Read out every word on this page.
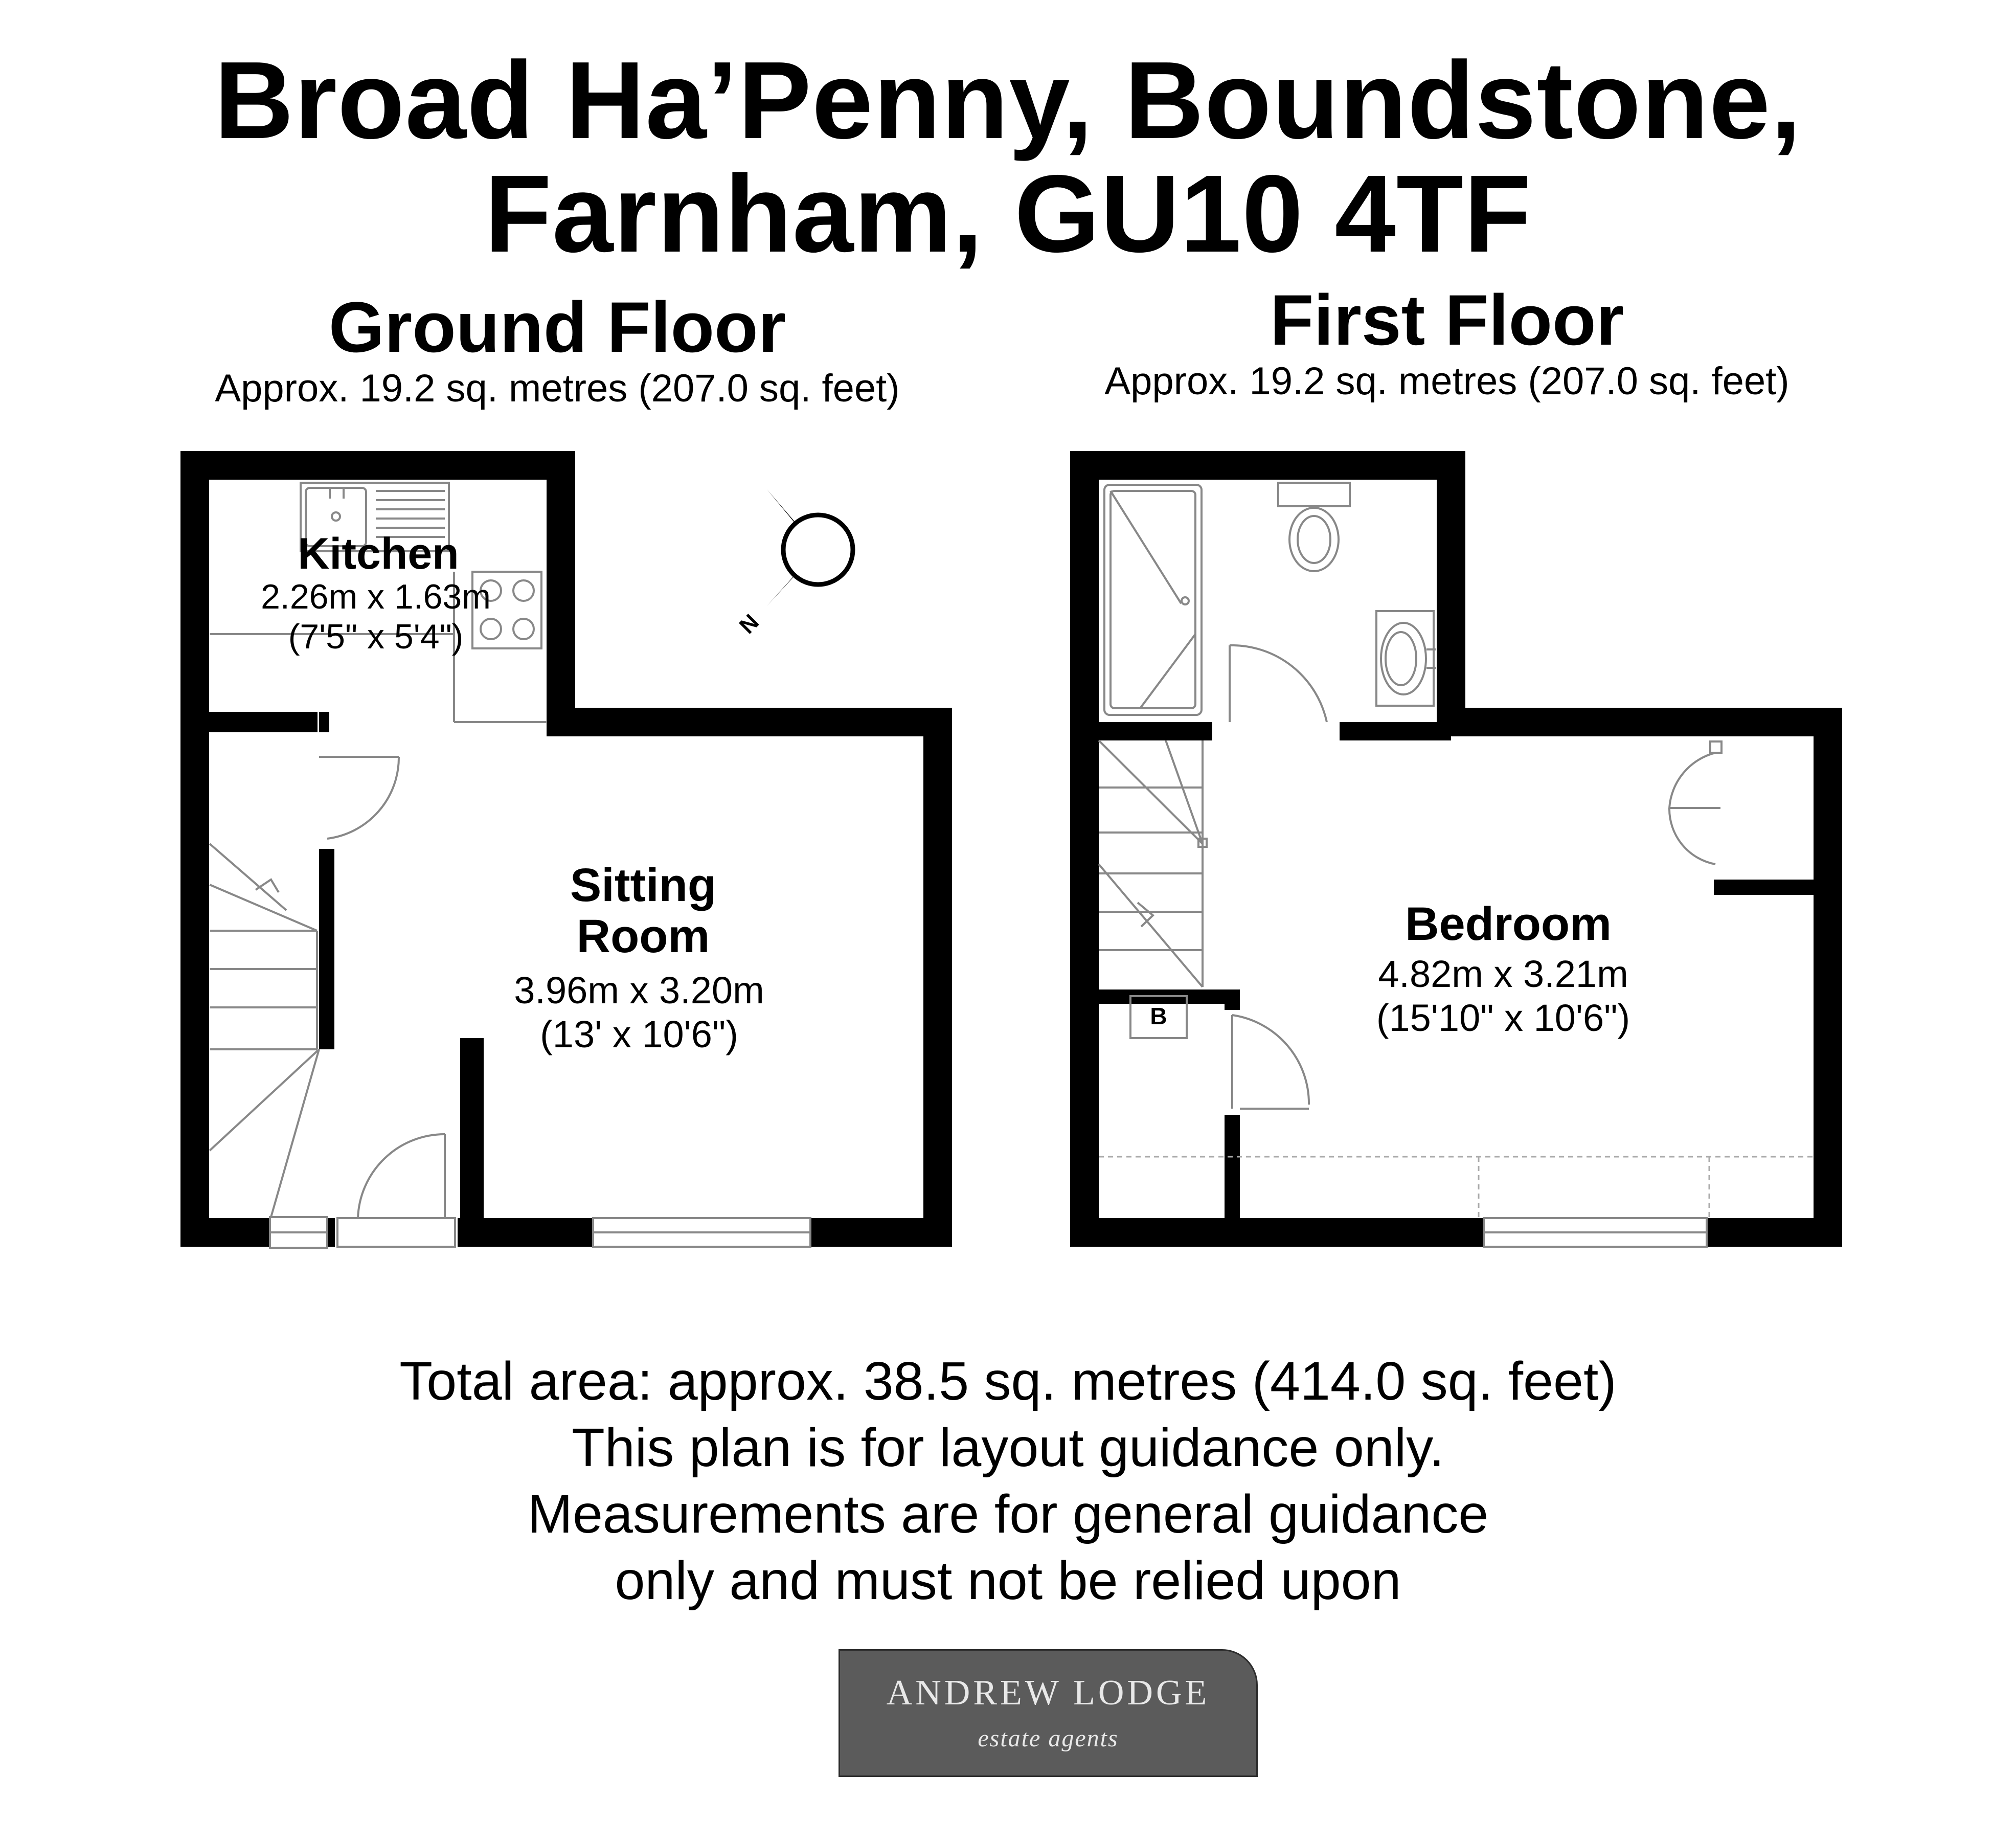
Broad Ha’Penny, Boundstone,
Farnham, GU10 4TF
Ground Floor
Approx. 19.2 sq. metres (207.0 sq. feet)
First Floor
Approx. 19.2 sq. metres (207.0 sq. feet)
B
N
Kitchen
2.26m x 1.63m
(7'5" x 5'4")
Sitting
Room
3.96m x 3.20m
(13' x 10'6")
Bedroom
4.82m x 3.21m
(15'10" x 10'6")
Total area: approx. 38.5 sq. metres (414.0 sq. feet)
This plan is for layout guidance only.
Measurements are for general guidance
only and must not be relied upon
ANDREW LODGE
estate agents
